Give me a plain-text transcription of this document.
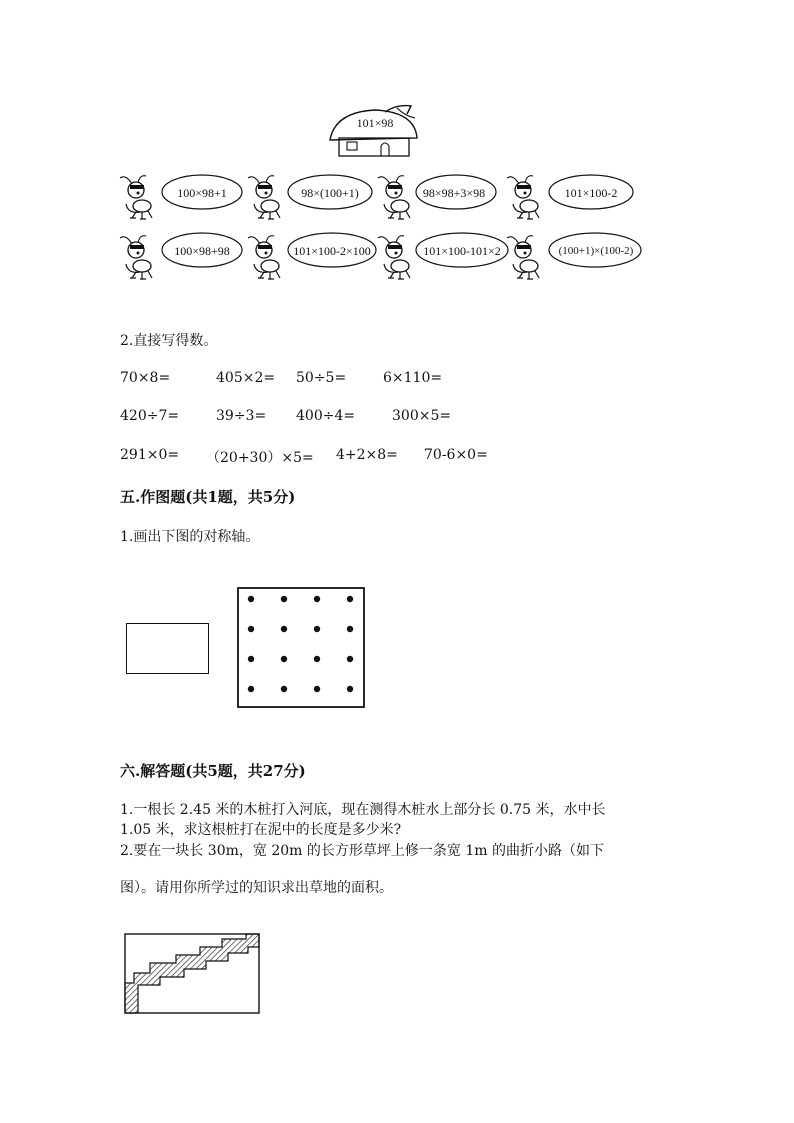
101×98
100×98+1	98×(100+1)	98×98+3×98	101×100-2
100×98+98	101×100-2×100	101×100-101×2	(100+1)×(100-2)
2.直接写得数。
70×8=	405×2= 50÷5=	6×110=
420÷7=	39÷3= 400÷4=	300×5=
291×0= （20+30）×5= 4+2×8= 70-6×0=
五.作图题(共1题，共5分)
1.画出下图的对称轴。
六.解答题(共5题，共27分)
1.一根长 2.45 米的木桩打入河底，现在测得木桩水上部分长 0.75 米，水中长
1.05 米，求这根桩打在泥中的长度是多少米?
2.要在一块长 30m，宽 20m 的长方形草坪上修一条宽 1m 的曲折小路（如下
图）。请用你所学过的知识求出草地的面积。
